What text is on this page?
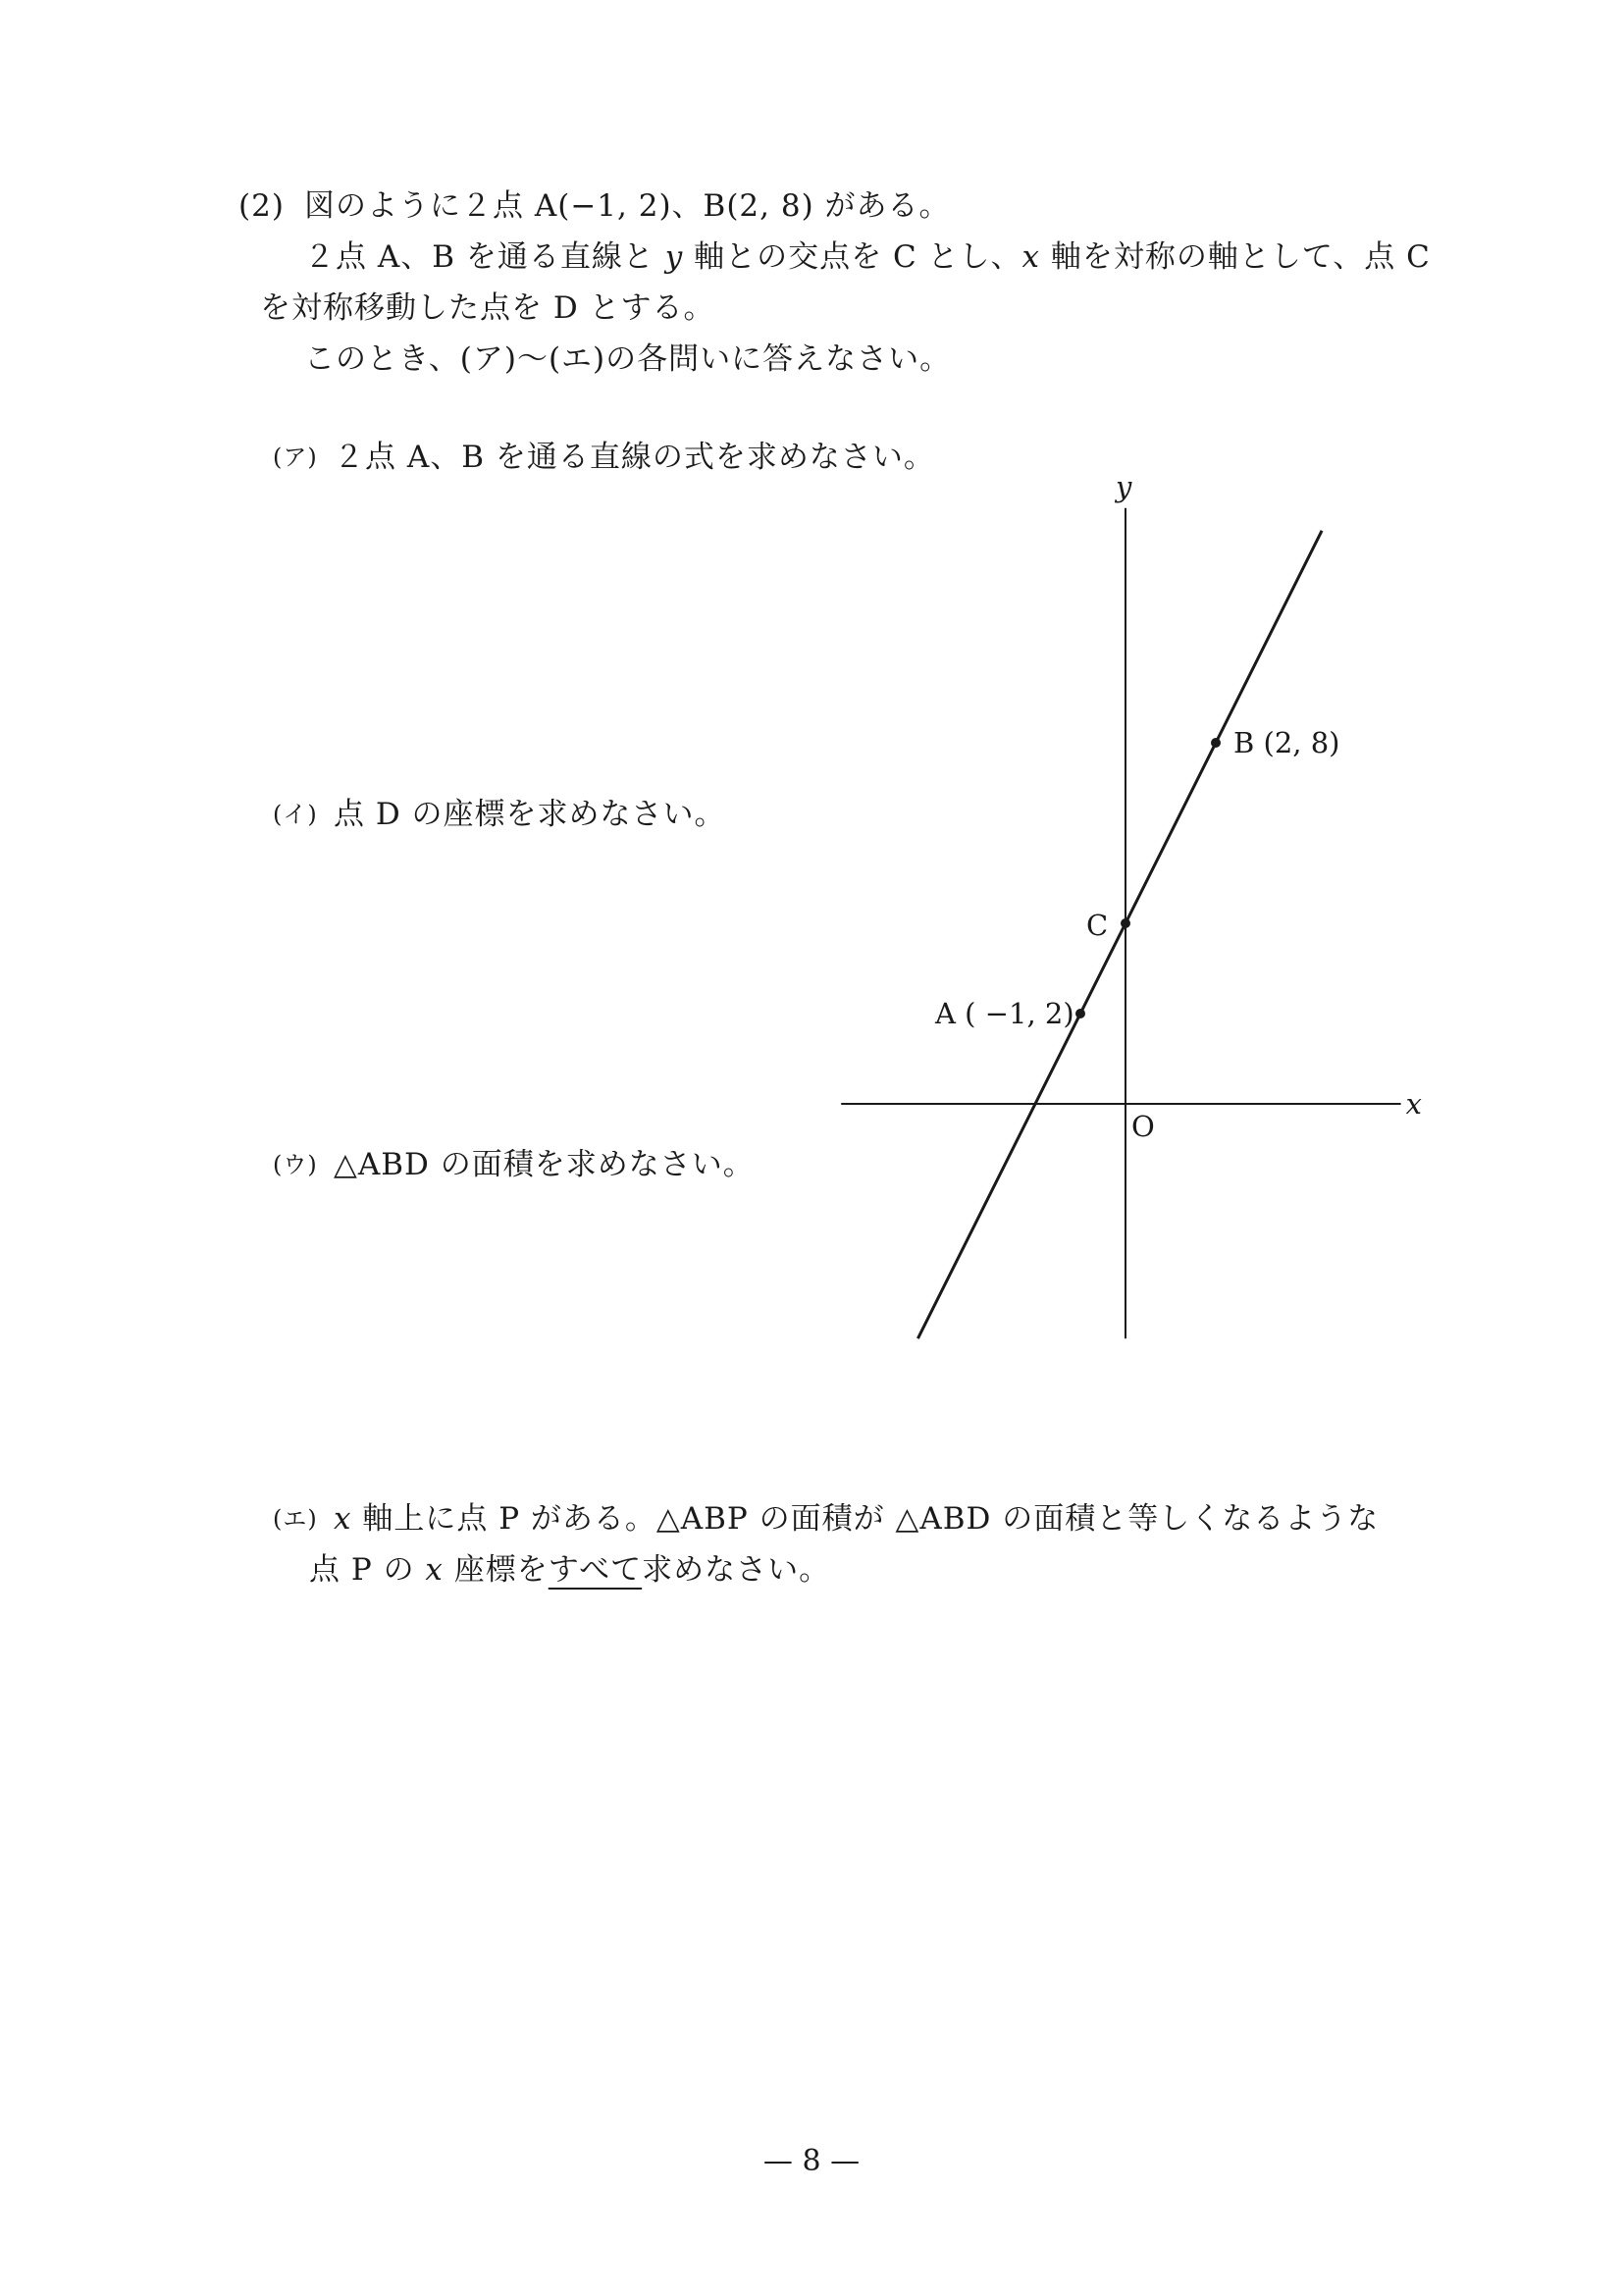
(2) 図のように２点 A(−1, 2)、B(2, 8) がある。
２点 A、B を通る直線と y 軸との交点を C とし、x 軸を対称の軸として、点 C
を対称移動した点を D とする。
このとき、(ア)〜(エ)の各問いに答えなさい。
(ア) ２点 A、B を通る直線の式を求めなさい。
(イ) 点 D の座標を求めなさい。
(ウ) △ABD の面積を求めなさい。
(エ) x 軸上に点 P がある。△ABP の面積が △ABD の面積と等しくなるような
点 P の x 座標をすべて求めなさい。
x
y
O
A ( −1, 2)
B (2, 8)
C
— 8 —
